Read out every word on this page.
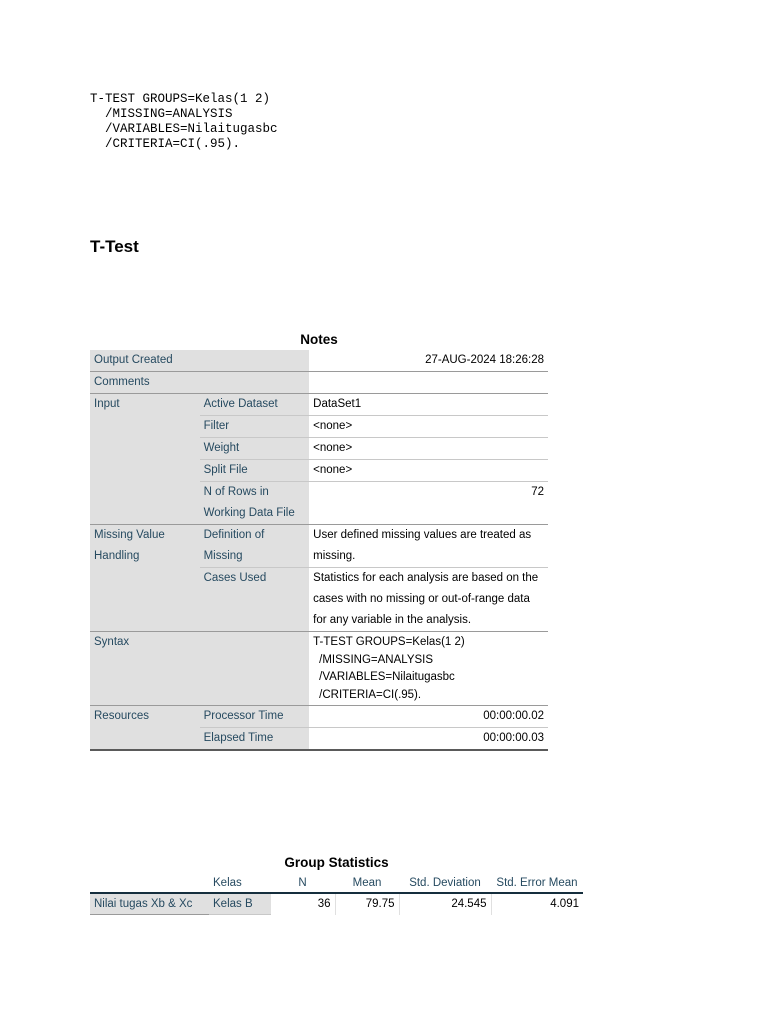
T-TEST GROUPS=Kelas(1 2)
/MISSING=ANALYSIS
/VARIABLES=Nilaitugasbc
/CRITERIA=CI(.95).
T-Test
Notes
Output Created		27-AUG-2024 18:26:28
Comments		
Input	Active Dataset	DataSet1
	Filter	<none>
	Weight	<none>
	Split File	<none>
	N of Rows in Working Data File	72
Missing Value Handling	Definition of Missing	User defined missing values are treated as missing.
	Cases Used	Statistics for each analysis are based on the cases with no missing or out-of-range data for any variable in the analysis.
Syntax		T-TEST GROUPS=Kelas(1 2)
/MISSING=ANALYSIS
/VARIABLES=Nilaitugasbc
/CRITERIA=CI(.95).

Resources	Processor Time	00:00:00.02
	Elapsed Time	00:00:00.03
Group Statistics
	Kelas	N	Mean	Std. Deviation	Std. Error Mean
Nilai tugas Xb & Xc	Kelas B	36	79.75	24.545	4.091
